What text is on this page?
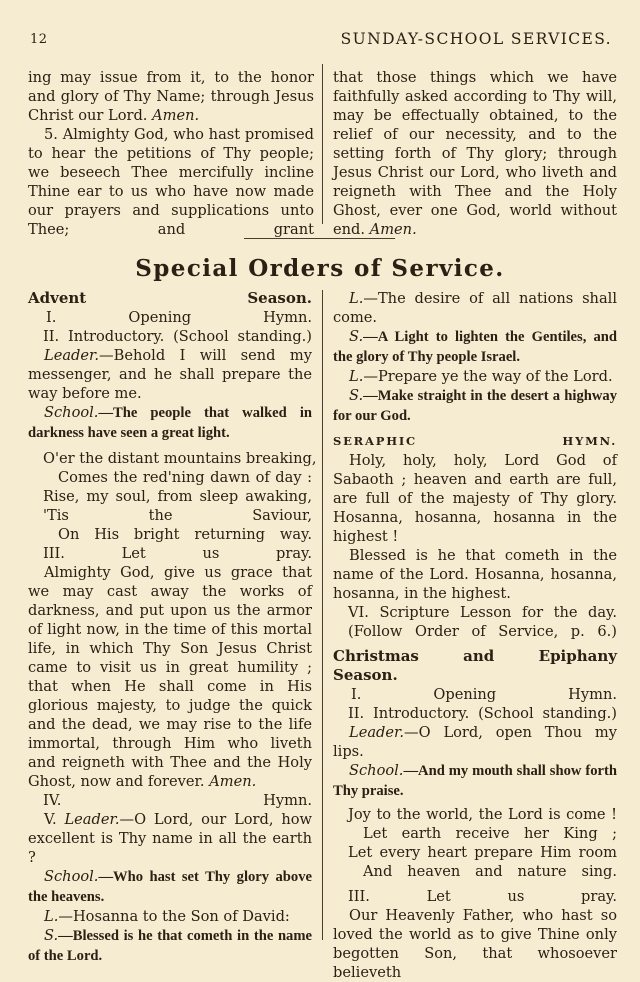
12	SUNDAY-SCHOOL SERVICES.

ing may issue from it, to the honor and glory of Thy Name; through Jesus Christ our Lord. Amen.

5. Almighty God, who hast promised to hear the petitions of Thy people; we beseech Thee mercifully incline Thine ear to us who have now made our prayers and supplications unto Thee; and grant

that those things which we have faithfully asked according to Thy will, may be effectually obtained, to the relief of our necessity, and to the setting forth of Thy glory; through Jesus Christ our Lord, who liveth and reigneth with Thee and the Holy Ghost, ever one God, world without end. Amen.

Special Orders of Service.

Advent Season.

I. Opening Hymn.

II. Introductory. (School standing.)

Leader.—Behold I will send my messenger, and he shall prepare the way before me.

School.—The people that walked in darkness have seen a great light.

O'er the distant mountains breaking,

Comes the red'ning dawn of day :

Rise, my soul, from sleep awaking,

'Tis the Saviour,

On His bright returning way.

III. Let us pray.

Almighty God, give us grace that we may cast away the works of darkness, and put upon us the armor of light now, in the time of this mortal life, in which Thy Son Jesus Christ came to visit us in great humility ; that when He shall come in His glorious majesty, to judge the quick and the dead, we may rise to the life immortal, through Him who liveth and reigneth with Thee and the Holy Ghost, now and forever. Amen.

IV. Hymn.

V. Leader.—O Lord, our Lord, how excellent is Thy name in all the earth ?

School.—Who hast set Thy glory above the heavens.

L.—Hosanna to the Son of David:

S.—Blessed is he that cometh in the name of the Lord.

L.—The desire of all nations shall come.

S.—A Light to lighten the Gentiles, and the glory of Thy people Israel.

L.—Prepare ye the way of the Lord.

S.—Make straight in the desert a highway for our God.

SERAPHIC HYMN.

Holy, holy, holy, Lord God of Sabaoth ; heaven and earth are full, are full of the majesty of Thy glory. Hosanna, hosanna, hosanna in the highest !

Blessed is he that cometh in the name of the Lord. Hosanna, hosanna, hosanna, in the highest.

VI. Scripture Lesson for the day.

(Follow Order of Service, p. 6.)

Christmas and Epiphany

Season.

I. Opening Hymn.

II. Introductory. (School standing.)

Leader.—O Lord, open Thou my lips.

School.—And my mouth shall show forth Thy praise.

Joy to the world, the Lord is come !

Let earth receive her King ;

Let every heart prepare Him room

And heaven and nature sing.

III. Let us pray.

Our Heavenly Father, who hast so loved the world as to give Thine only begotten Son, that whosoever believeth
